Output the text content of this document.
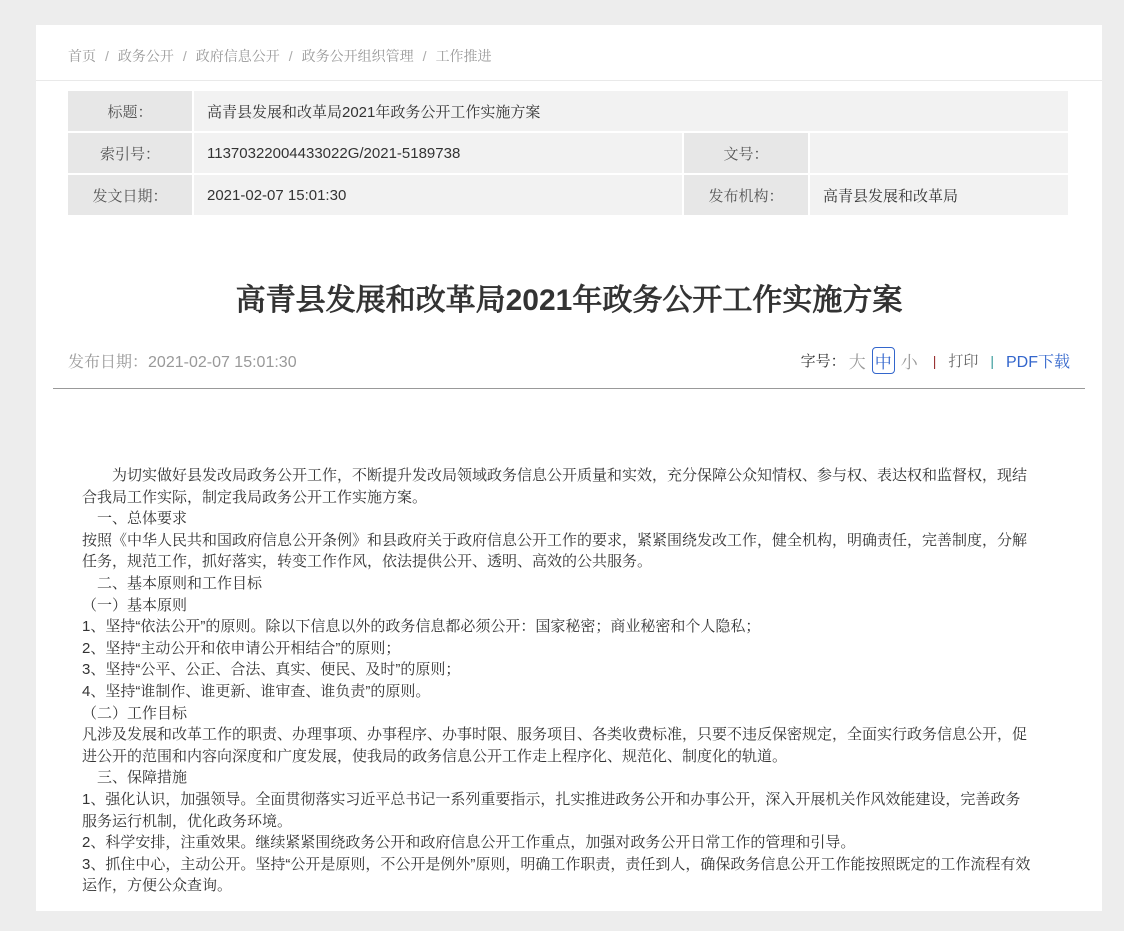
首页 / 政务公开 / 政府信息公开 / 政务公开组织管理 / 工作推进
标题：	高青县发展和改革局2021年政务公开工作实施方案
索引号：	11370322004433022G/2021-5189738	文号：
发文日期：	2021-02-07 15:01:30	发布机构：	高青县发展和改革局
高青县发展和改革局2021年政务公开工作实施方案
发布日期：2021-02-07 15:01:30	字号： 大 中 小 | 打印 | PDF下载

　　为切实做好县发改局政务公开工作，不断提升发改局领域政务信息公开质量和实效，充分保障公众知情权、参与权、表达权和监督权，现结合我局工作实际，制定我局政务公开工作实施方案。

　一、总体要求

按照《中华人民共和国政府信息公开条例》和县政府关于政府信息公开工作的要求，紧紧围绕发改工作，健全机构，明确责任，完善制度，分解任务，规范工作，抓好落实，转变工作作风，依法提供公开、透明、高效的公共服务。

　二、基本原则和工作目标

（一）基本原则

1、坚持“依法公开”的原则。除以下信息以外的政务信息都必须公开：国家秘密；商业秘密和个人隐私；

2、坚持“主动公开和依申请公开相结合”的原则；

3、坚持“公平、公正、合法、真实、便民、及时”的原则；

4、坚持“谁制作、谁更新、谁审查、谁负责”的原则。

（二）工作目标

凡涉及发展和改革工作的职责、办理事项、办事程序、办事时限、服务项目、各类收费标准，只要不违反保密规定，全面实行政务信息公开，促进公开的范围和内容向深度和广度发展，使我局的政务信息公开工作走上程序化、规范化、制度化的轨道。

　三、保障措施

1、强化认识，加强领导。全面贯彻落实习近平总书记一系列重要指示，扎实推进政务公开和办事公开，深入开展机关作风效能建设，完善政务服务运行机制，优化政务环境。

2、科学安排，注重效果。继续紧紧围绕政务公开和政府信息公开工作重点，加强对政务公开日常工作的管理和引导。

3、抓住中心，主动公开。坚持“公开是原则，不公开是例外”原则，明确工作职责，责任到人，确保政务信息公开工作能按照既定的工作流程有效运作，方便公众查询。
